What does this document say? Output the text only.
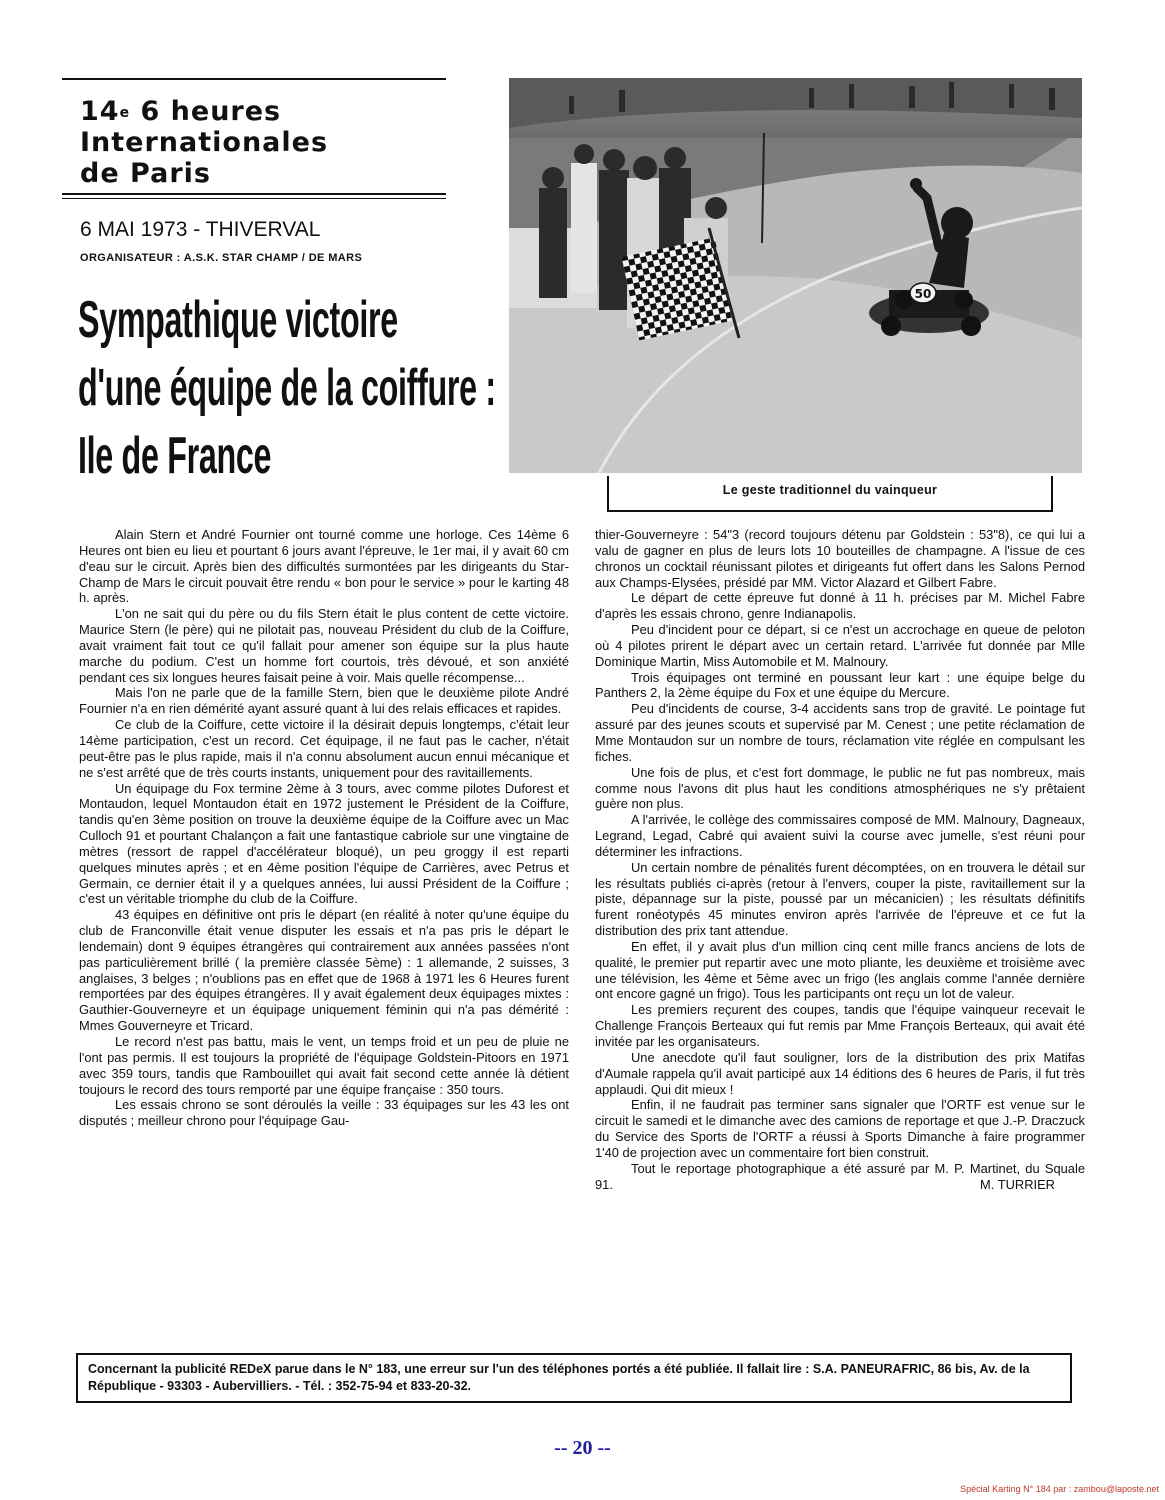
14e 6 heures
Internationales
de Paris
6 MAI 1973 - THIVERVAL
ORGANISATEUR : A.S.K. STAR CHAMP / DE MARS
Sympathique victoire
d'une équipe de la coiffure :
Ile de France
50
Le geste traditionnel du vainqueur

Alain Stern et André Fournier ont tourné comme une horloge. Ces 14ème 6 Heures ont bien eu lieu et pourtant 6 jours avant l'épreuve, le 1er mai, il y avait 60 cm d'eau sur le circuit. Après bien des difficultés surmontées par les dirigeants du Star-Champ de Mars le circuit pouvait être rendu « bon pour le service » pour le karting 48 h. après.

L'on ne sait qui du père ou du fils Stern était le plus content de cette victoire. Maurice Stern (le père) qui ne pilotait pas, nouveau Président du club de la Coiffure, avait vraiment fait tout ce qu'il fallait pour amener son équipe sur la plus haute marche du podium. C'est un homme fort courtois, très dévoué, et son anxiété pendant ces six longues heures faisait peine à voir. Mais quelle récompense...

Mais l'on ne parle que de la famille Stern, bien que le deuxième pilote André Fournier n'a en rien démérité ayant assuré quant à lui des relais efficaces et rapides.

Ce club de la Coiffure, cette victoire il la désirait depuis longtemps, c'était leur 14ème participation, c'est un record. Cet équipage, il ne faut pas le cacher, n'était peut-être pas le plus rapide, mais il n'a connu absolument aucun ennui mécanique et ne s'est arrêté que de très courts instants, uniquement pour des ravitaillements.

Un équipage du Fox termine 2ème à 3 tours, avec comme pilotes Duforest et Montaudon, lequel Montaudon était en 1972 justement le Président de la Coiffure, tandis qu'en 3ème position on trouve la deuxième équipe de la Coiffure avec un Mac Culloch 91 et pourtant Chalançon a fait une fantastique cabriole sur une vingtaine de mètres (ressort de rappel d'accélérateur bloqué), un peu groggy il est reparti quelques minutes après ; et en 4ème position l'équipe de Carrières, avec Petrus et Germain, ce dernier était il y a quelques années, lui aussi Président de la Coiffure ; c'est un véritable triomphe du club de la Coiffure.

43 équipes en définitive ont pris le départ (en réalité à noter qu'une équipe du club de Franconville était venue disputer les essais et n'a pas pris le départ le lendemain) dont 9 équipes étrangères qui contrairement aux années passées n'ont pas particulièrement brillé ( la première classée 5ème) : 1 allemande, 2 suisses, 3 anglaises, 3 belges ; n'oublions pas en effet que de 1968 à 1971 les 6 Heures furent remportées par des équipes étrangères. Il y avait également deux équipages mixtes : Gauthier-Gouverneyre et un équipage uniquement féminin qui n'a pas démérité : Mmes Gouverneyre et Tricard.

Le record n'est pas battu, mais le vent, un temps froid et un peu de pluie ne l'ont pas permis. Il est toujours la propriété de l'équipage Goldstein-Pitoors en 1971 avec 359 tours, tandis que Rambouillet qui avait fait second cette année là détient toujours le record des tours remporté par une équipe française : 350 tours.

Les essais chrono se sont déroulés la veille : 33 équipages sur les 43 les ont disputés ; meilleur chrono pour l'équipage Gau-

thier-Gouverneyre : 54"3 (record toujours détenu par Goldstein : 53"8), ce qui lui a valu de gagner en plus de leurs lots 10 bouteilles de champagne. A l'issue de ces chronos un cocktail réunissant pilotes et dirigeants fut offert dans les Salons Pernod aux Champs-Elysées, présidé par MM. Victor Alazard et Gilbert Fabre.

Le départ de cette épreuve fut donné à 11 h. précises par M. Michel Fabre d'après les essais chrono, genre Indianapolis.

Peu d'incident pour ce départ, si ce n'est un accrochage en queue de peloton où 4 pilotes prirent le départ avec un certain retard. L'arrivée fut donnée par Mlle Dominique Martin, Miss Automobile et M. Malnoury.

Trois équipages ont terminé en poussant leur kart : une équipe belge du Panthers 2, la 2ème équipe du Fox et une équipe du Mercure.

Peu d'incidents de course, 3-4 accidents sans trop de gravité. Le pointage fut assuré par des jeunes scouts et supervisé par M. Cenest ; une petite réclamation de Mme Montaudon sur un nombre de tours, réclamation vite réglée en compulsant les fiches.

Une fois de plus, et c'est fort dommage, le public ne fut pas nombreux, mais comme nous l'avons dit plus haut les conditions atmosphériques ne s'y prêtaient guère non plus.

A l'arrivée, le collège des commissaires composé de MM. Malnoury, Dagneaux, Legrand, Legad, Cabré qui avaient suivi la course avec jumelle, s'est réuni pour déterminer les infractions.

Un certain nombre de pénalités furent décomptées, on en trouvera le détail sur les résultats publiés ci-après (retour à l'envers, couper la piste, ravitaillement sur la piste, dépannage sur la piste, poussé par un mécanicien) ; les résultats définitifs furent ronéotypés 45 minutes environ après l'arrivée de l'épreuve et ce fut la distribution des prix tant attendue.

En effet, il y avait plus d'un million cinq cent mille francs anciens de lots de qualité, le premier put repartir avec une moto pliante, les deuxième et troisième avec une télévision, les 4ème et 5ème avec un frigo (les anglais comme l'année dernière ont encore gagné un frigo). Tous les participants ont reçu un lot de valeur.

Les premiers reçurent des coupes, tandis que l'équipe vainqueur recevait le Challenge François Berteaux qui fut remis par Mme François Berteaux, qui avait été invitée par les organisateurs.

Une anecdote qu'il faut souligner, lors de la distribution des prix Matifas d'Aumale rappela qu'il avait participé aux 14 éditions des 6 heures de Paris, il fut très applaudi. Qui dit mieux !

Enfin, il ne faudrait pas terminer sans signaler que l'ORTF est venue sur le circuit le samedi et le dimanche avec des camions de reportage et que J.-P. Draczuck du Service des Sports de l'ORTF a réussi à Sports Dimanche à faire programmer 1'40 de projection avec un commentaire fort bien construit.

Tout le reportage photographique a été assuré par M. P. Martinet, du Squale 91.	M. TURRIER
Concernant la publicité REDeX parue dans le N° 183, une erreur sur l'un des téléphones portés a été publiée. Il fallait lire : S.A. PANEURAFRIC, 86 bis, Av. de la République - 93303 - Aubervilliers. - Tél. : 352-75-94 et 833-20-32.
-- 20 --
Spécial Karting N° 184 par : zambou@laposte.net
